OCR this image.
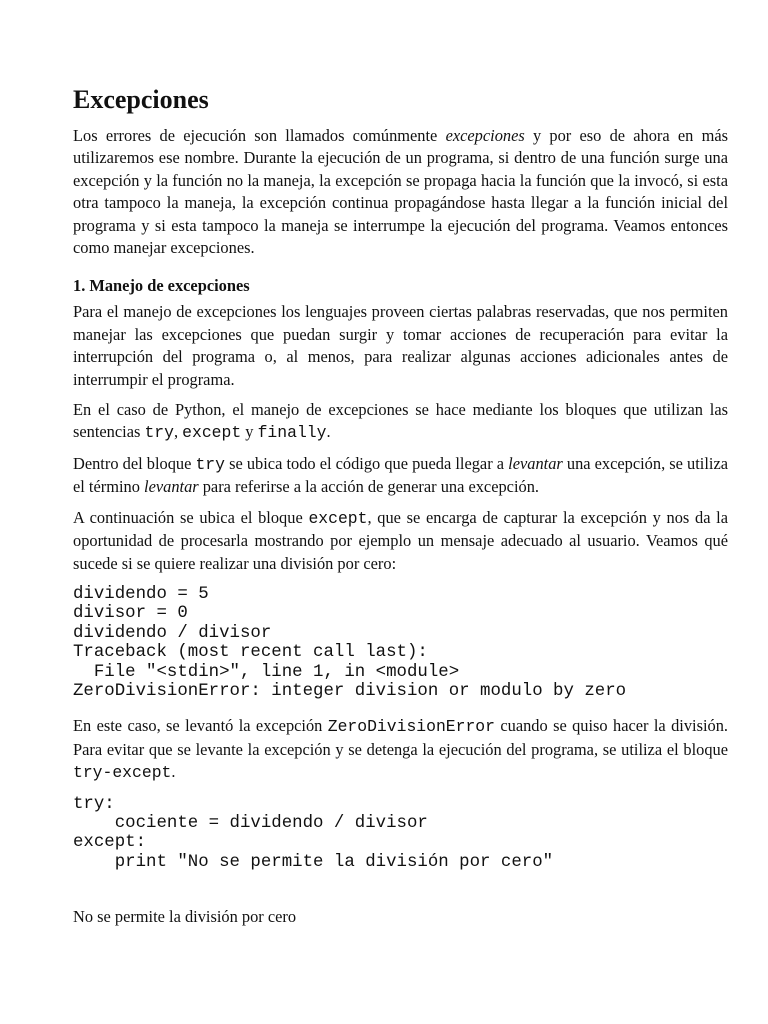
Excepciones

Los errores de ejecución son llamados comúnmente excepciones y por eso de ahora en más utilizaremos ese nombre. Durante la ejecución de un programa, si dentro de una función surge una excepción y la función no la maneja, la excepción se propaga hacia la función que la invocó, si esta otra tampoco la maneja, la excepción continua propagándose hasta llegar a la función inicial del programa y si esta tampoco la maneja se interrumpe la ejecución del programa. Veamos entonces como manejar excepciones.

1. Manejo de excepciones

Para el manejo de excepciones los lenguajes proveen ciertas palabras reservadas, que nos permiten manejar las excepciones que puedan surgir y tomar acciones de recuperación para evitar la interrupción del programa o, al menos, para realizar algunas acciones adicionales antes de interrumpir el programa.

En el caso de Python, el manejo de excepciones se hace mediante los bloques que utilizan las sentencias try, except y finally.

Dentro del bloque try se ubica todo el código que pueda llegar a levantar una excepción, se utiliza el término levantar para referirse a la acción de generar una excepción.

A continuación se ubica el bloque except, que se encarga de capturar la excepción y nos da la oportunidad de procesarla mostrando por ejemplo un mensaje adecuado al usuario. Veamos qué sucede si se quiere realizar una división por cero:

dividendo = 5
divisor = 0
dividendo / divisor
Traceback (most recent call last):
File "<stdin>", line 1, in <module>
ZeroDivisionError: integer division or modulo by zero

En este caso, se levantó la excepción ZeroDivisionError cuando se quiso hacer la división. Para evitar que se levante la excepción y se detenga la ejecución del programa, se utiliza el bloque try-except.

try:
cociente = dividendo / divisor
except:
print "No se permite la división por cero"

No se permite la división por cero
